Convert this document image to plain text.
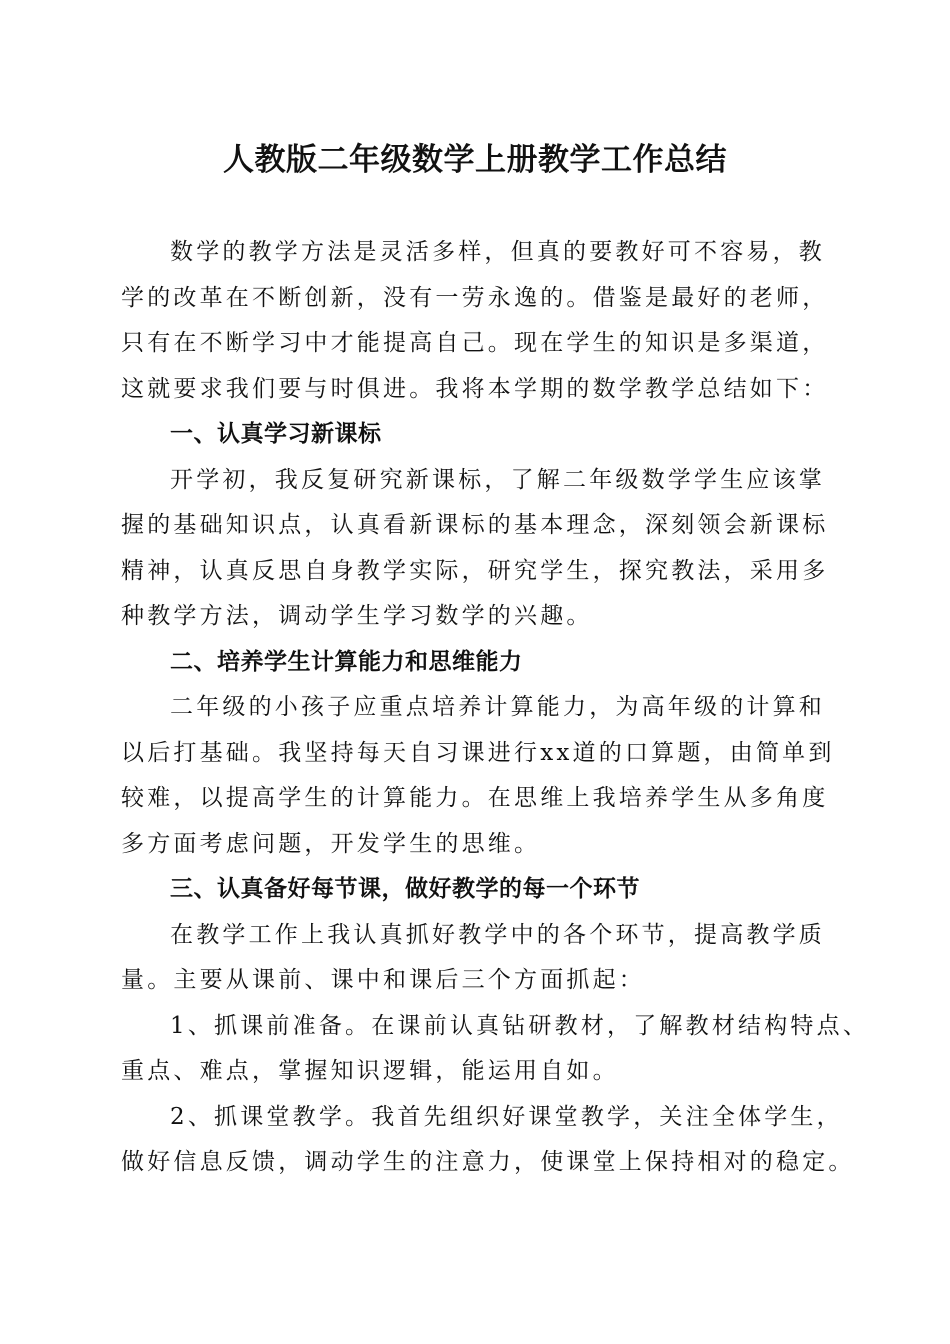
人教版二年级数学上册教学工作总结
数学的教学方法是灵活多样，但真的要教好可不容易，教
学的改革在不断创新，没有一劳永逸的。借鉴是最好的老师，
只有在不断学习中才能提高自己。现在学生的知识是多渠道，
这就要求我们要与时俱进。我将本学期的数学教学总结如下：
一、认真学习新课标
开学初，我反复研究新课标，了解二年级数学学生应该掌
握的基础知识点，认真看新课标的基本理念，深刻领会新课标
精神，认真反思自身教学实际，研究学生，探究教法，采用多
种教学方法，调动学生学习数学的兴趣。
二、培养学生计算能力和思维能力
二年级的小孩子应重点培养计算能力，为高年级的计算和
以后打基础。我坚持每天自习课进行xx道的口算题，由简单到
较难，以提高学生的计算能力。在思维上我培养学生从多角度
多方面考虑问题，开发学生的思维。
三、认真备好每节课，做好教学的每一个环节
在教学工作上我认真抓好教学中的各个环节，提高教学质
量。主要从课前、课中和课后三个方面抓起：
1、抓课前准备。在课前认真钻研教材，了解教材结构特点、
重点、难点，掌握知识逻辑，能运用自如。
2、抓课堂教学。我首先组织好课堂教学，关注全体学生，
做好信息反馈，调动学生的注意力，使课堂上保持相对的稳定。
